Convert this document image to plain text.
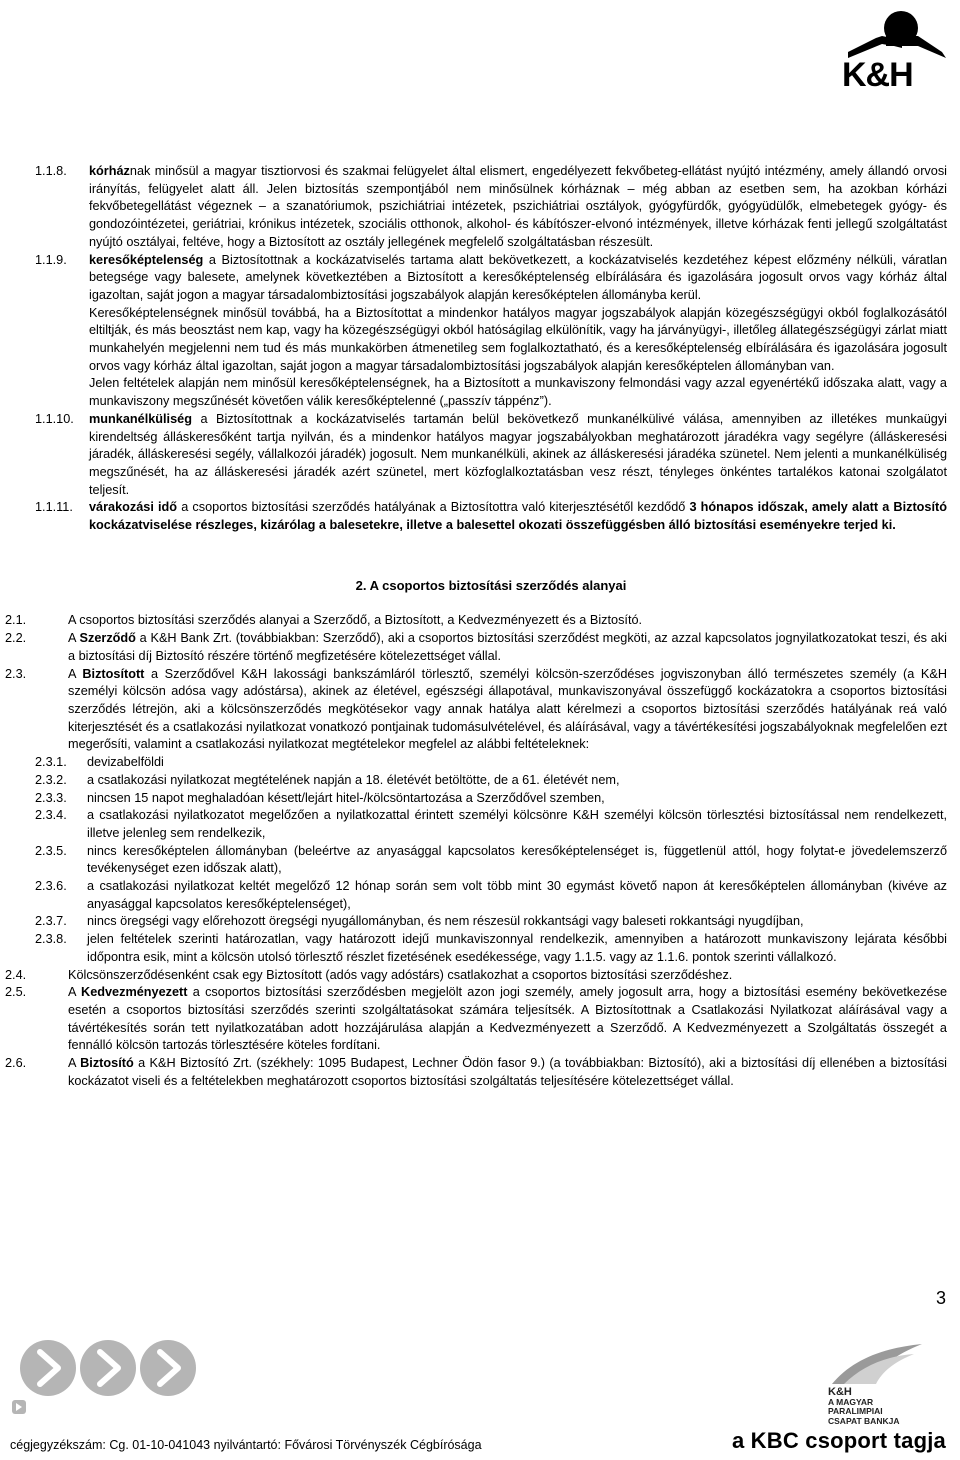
K&H
1.1.8. kórháznak minősül a magyar tisztiorvosi és szakmai felügyelet által elismert, engedélyezett fekvőbeteg-ellátást nyújtó intézmény, amely állandó orvosi irányítás, felügyelet alatt áll. Jelen biztosítás szempontjából nem minősülnek kórháznak – még abban az esetben sem, ha azokban kórházi fekvőbetegellátást végeznek – a szanatóriumok, pszichiátriai intézetek, pszichiátriai osztályok, gyógyfürdők, gyógyüdülők, elmebetegek gyógy- és gondozóintézetei, geriátriai, krónikus intézetek, szociális otthonok, alkohol- és kábítószer-elvonó intézmények, illetve kórházak fenti jellegű szolgáltatást nyújtó osztályai, feltéve, hogy a Biztosított az osztály jellegének megfelelő szolgáltatásban részesült.

1.1.9. keresőképtelenség a Biztosítottnak a kockázatviselés tartama alatt bekövetkezett, a kockázatviselés kezdetéhez képest előzmény nélküli, váratlan betegsége vagy balesete, amelynek következtében a Biztosított a keresőképtelenség elbírálására és igazolására jogosult orvos vagy kórház által igazoltan, saját jogon a magyar társadalombiztosítási jogszabályok alapján keresőképtelen állományba kerül.

Keresőképtelenségnek minősül továbbá, ha a Biztosítottat a mindenkor hatályos magyar jogszabályok alapján közegészségügyi okból foglalkozásától eltiltják, és más beosztást nem kap, vagy ha közegészségügyi okból hatóságilag elkülönítik, vagy ha járványügyi-, illetőleg állategészségügyi zárlat miatt munkahelyén megjelenni nem tud és más munkakörben átmenetileg sem foglalkoztatható, és a keresőképtelenség elbírálására és igazolására jogosult orvos vagy kórház által igazoltan, saját jogon a magyar társadalombiztosítási jogszabályok alapján keresőképtelen állományban van.

Jelen feltételek alapján nem minősül keresőképtelenségnek, ha a Biztosított a munkaviszony felmondási vagy azzal egyenértékű időszaka alatt, vagy a munkaviszony megszűnését követően válik keresőképtelenné („passzív táppénz”).

1.1.10. munkanélküliség a Biztosítottnak a kockázatviselés tartamán belül bekövetkező munkanélkülivé válása, amennyiben az illetékes munkaügyi kirendeltség álláskeresőként tartja nyilván, és a mindenkor hatályos magyar jogszabályokban meghatározott járadékra vagy segélyre (álláskeresési járadék, álláskeresési segély, vállalkozói járadék) jogosult. Nem munkanélküli, akinek az álláskeresési járadéka szünetel. Nem jelenti a munkanélküliség megszűnését, ha az álláskeresési járadék azért szünetel, mert közfoglalkoztatásban vesz részt, tényleges önkéntes tartalékos katonai szolgálatot teljesít.

1.1.11. várakozási idő a csoportos biztosítási szerződés hatályának a Biztosítottra való kiterjesztésétől kezdődő 3 hónapos időszak, amely alatt a Biztosító kockázatviselése részleges, kizárólag a balesetekre, illetve a balesettel okozati összefüggésben álló biztosítási eseményekre terjed ki.

2. A csoportos biztosítási szerződés alanyai
2.1.	A csoportos biztosítási szerződés alanyai a Szerződő, a Biztosított, a Kedvezményezett és a Biztosító.
2.2.	A Szerződő a K&H Bank Zrt. (továbbiakban: Szerződő), aki a csoportos biztosítási szerződést megköti, az azzal kapcsolatos jognyilatkozatokat teszi, és aki a biztosítási díj Biztosító részére történő megfizetésére kötelezettséget vállal.
2.3.	A Biztosított a Szerződővel K&H lakossági bankszámláról törlesztő, személyi kölcsön-szerződéses jogviszonyban álló természetes személy (a K&H személyi kölcsön adósa vagy adóstársa), akinek az életével, egészségi állapotával, munkaviszonyával összefüggő kockázatokra a csoportos biztosítási szerződés létrejön, aki a kölcsönszerződés megkötésekor vagy annak hatálya alatt kérelmezi a csoportos biztosítási szerződés hatályának reá való kiterjesztését és a csatlakozási nyilatkozat vonatkozó pontjainak tudomásulvételével, és aláírásával, vagy a távértékesítési jogszabályoknak megfelelően ezt megerősíti, valamint a csatlakozási nyilatkozat megtételekor megfelel az alábbi feltételeknek:
2.3.1. devizabelföldi

2.3.2. a csatlakozási nyilatkozat megtételének napján a 18. életévét betöltötte, de a 61. életévét nem,

2.3.3. nincsen 15 napot meghaladóan késett/lejárt hitel-/kölcsöntartozása a Szerződővel szemben,

2.3.4. a csatlakozási nyilatkozatot megelőzően a nyilatkozattal érintett személyi kölcsönre K&H személyi kölcsön törlesztési biztosítással nem rendelkezett, illetve jelenleg sem rendelkezik,

2.3.5. nincs keresőképtelen állományban (beleértve az anyasággal kapcsolatos keresőképtelenséget is, függetlenül attól, hogy folytat-e jövedelemszerző tevékenységet ezen időszak alatt),

2.3.6. a csatlakozási nyilatkozat keltét megelőző 12 hónap során sem volt több mint 30 egymást követő napon át keresőképtelen állományban (kivéve az anyasággal kapcsolatos keresőképtelenséget),

2.3.7. nincs öregségi vagy előrehozott öregségi nyugállományban, és nem részesül rokkantsági vagy baleseti rokkantsági nyugdíjban,

2.3.8. jelen feltételek szerinti határozatlan, vagy határozott idejű munkaviszonnyal rendelkezik, amennyiben a határozott munkaviszony lejárata későbbi időpontra esik, mint a kölcsön utolsó törlesztő részlet fizetésének esedékessége, vagy 1.1.5. vagy az 1.1.6. pontok szerinti vállalkozó.

2.4.	Kölcsönszerződésenként csak egy Biztosított (adós vagy adóstárs) csatlakozhat a csoportos biztosítási szerződéshez.
2.5.	A Kedvezményezett a csoportos biztosítási szerződésben megjelölt azon jogi személy, amely jogosult arra, hogy a biztosítási esemény bekövetkezése esetén a csoportos biztosítási szerződés szerinti szolgáltatásokat számára teljesítsék. A Biztosítottnak a Csatlakozási Nyilatkozat aláírásával vagy a távértékesítés során tett nyilatkozatában adott hozzájárulása alapján a Kedvezményezett a Szerződő. A Kedvezményezett a Szolgáltatás összegét a fennálló kölcsön tartozás törlesztésére köteles fordítani.
2.6.	A Biztosító a K&H Biztosító Zrt. (székhely: 1095 Budapest, Lechner Ödön fasor 9.) (a továbbiakban: Biztosító), aki a biztosítási díj ellenében a biztosítási kockázatot viseli és a feltételekben meghatározott csoportos biztosítási szolgáltatás teljesítésére kötelezettséget vállal.
3
K&H
A MAGYAR
PARALIMPIAI
CSAPAT BANKJA
cégjegyzékszám: Cg. 01-10-041043 nyilvántartó: Fővárosi Törvényszék Cégbírósága	a KBC csoport tagja
